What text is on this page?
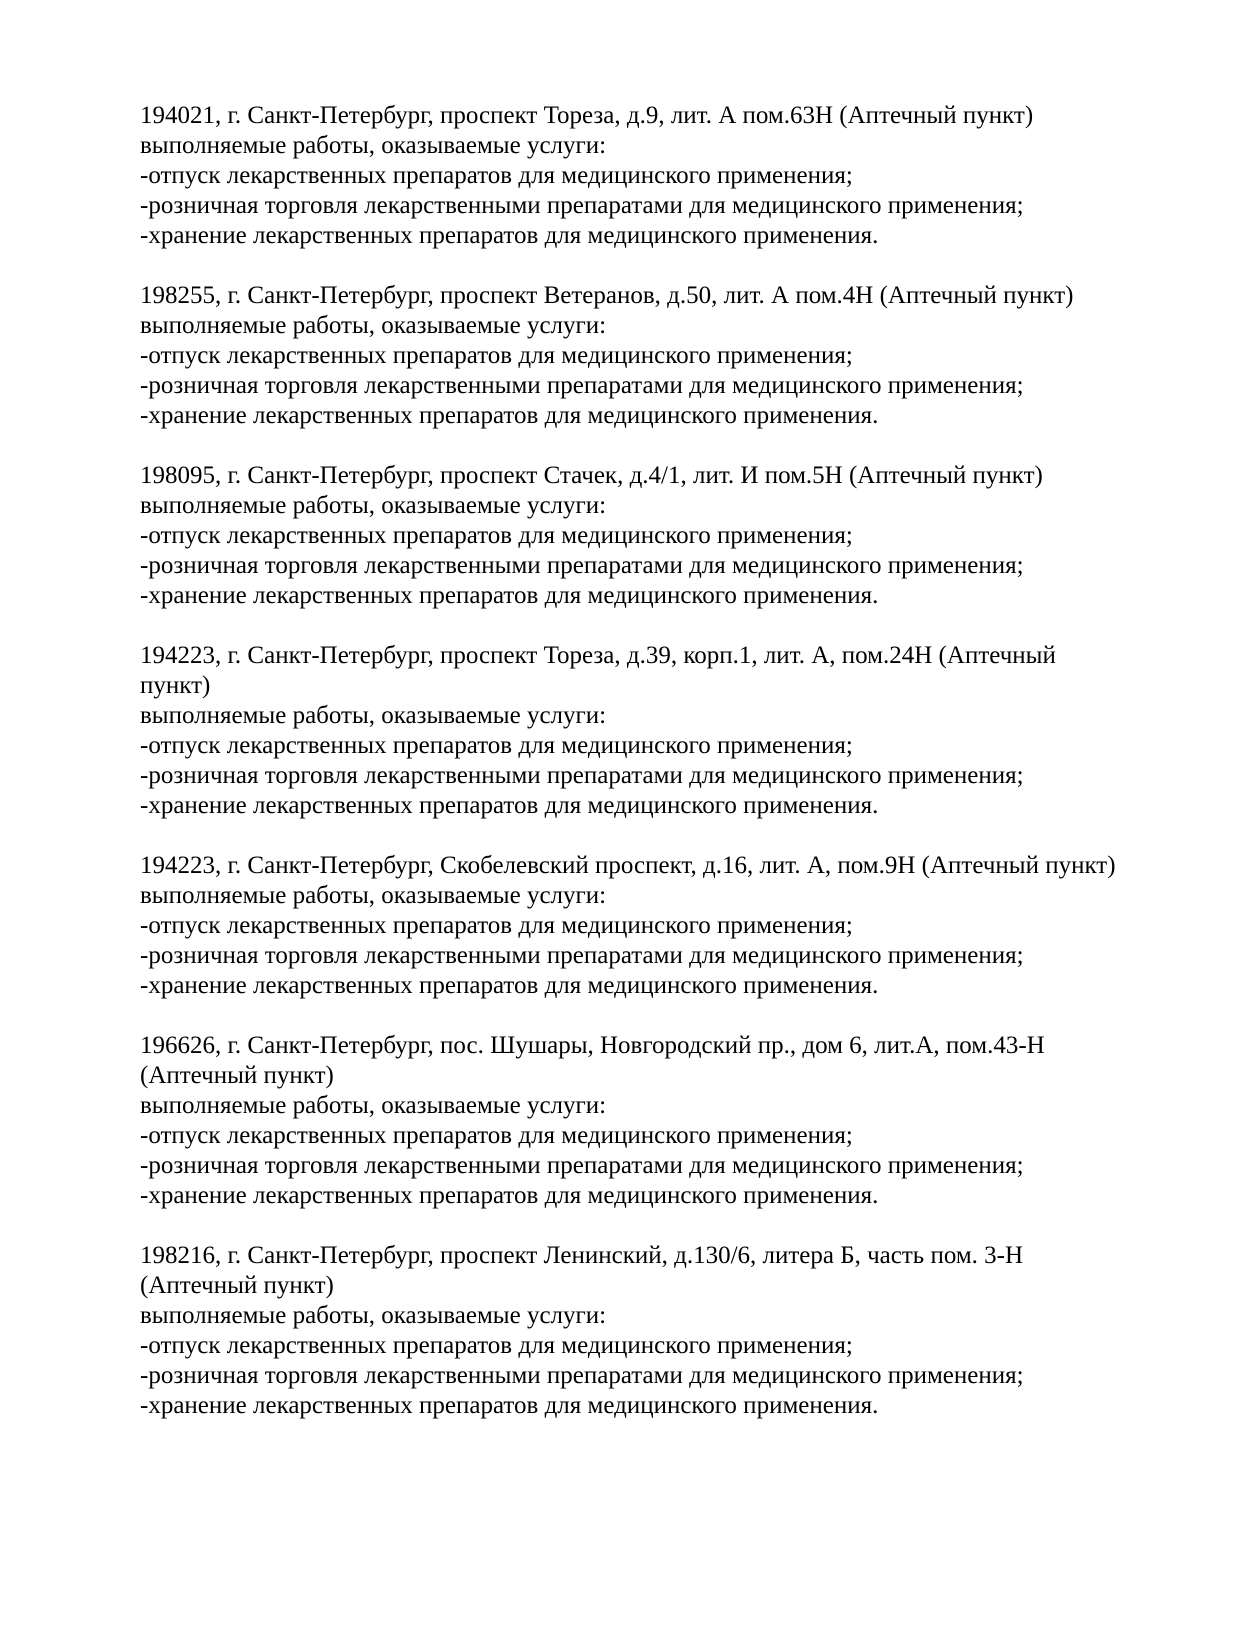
194021, г. Санкт-Петербург, проспект Тореза, д.9, лит. А пом.63Н (Аптечный пункт)
выполняемые работы, оказываемые услуги:
-отпуск лекарственных препаратов для медицинского применения;
-розничная торговля лекарственными препаратами для медицинского применения;
-хранение лекарственных препаратов для медицинского применения.
198255, г. Санкт-Петербург, проспект Ветеранов, д.50, лит. А пом.4Н (Аптечный пункт)
выполняемые работы, оказываемые услуги:
-отпуск лекарственных препаратов для медицинского применения;
-розничная торговля лекарственными препаратами для медицинского применения;
-хранение лекарственных препаратов для медицинского применения.
198095, г. Санкт-Петербург, проспект Стачек, д.4/1, лит. И пом.5Н (Аптечный пункт)
выполняемые работы, оказываемые услуги:
-отпуск лекарственных препаратов для медицинского применения;
-розничная торговля лекарственными препаратами для медицинского применения;
-хранение лекарственных препаратов для медицинского применения.
194223, г. Санкт-Петербург, проспект Тореза, д.39, корп.1, лит. А, пом.24Н (Аптечный пункт)
выполняемые работы, оказываемые услуги:
-отпуск лекарственных препаратов для медицинского применения;
-розничная торговля лекарственными препаратами для медицинского применения;
-хранение лекарственных препаратов для медицинского применения.
194223, г. Санкт-Петербург, Скобелевский проспект, д.16, лит. А, пом.9Н (Аптечный пункт)
выполняемые работы, оказываемые услуги:
-отпуск лекарственных препаратов для медицинского применения;
-розничная торговля лекарственными препаратами для медицинского применения;
-хранение лекарственных препаратов для медицинского применения.
196626, г. Санкт-Петербург, пос. Шушары, Новгородский пр., дом 6, лит.А, пом.43-Н (Аптечный пункт)
выполняемые работы, оказываемые услуги:
-отпуск лекарственных препаратов для медицинского применения;
-розничная торговля лекарственными препаратами для медицинского применения;
-хранение лекарственных препаратов для медицинского применения.
198216, г. Санкт-Петербург, проспект Ленинский, д.130/6, литера Б, часть пом. 3-Н (Аптечный пункт)
выполняемые работы, оказываемые услуги:
-отпуск лекарственных препаратов для медицинского применения;
-розничная торговля лекарственными препаратами для медицинского применения;
-хранение лекарственных препаратов для медицинского применения.
